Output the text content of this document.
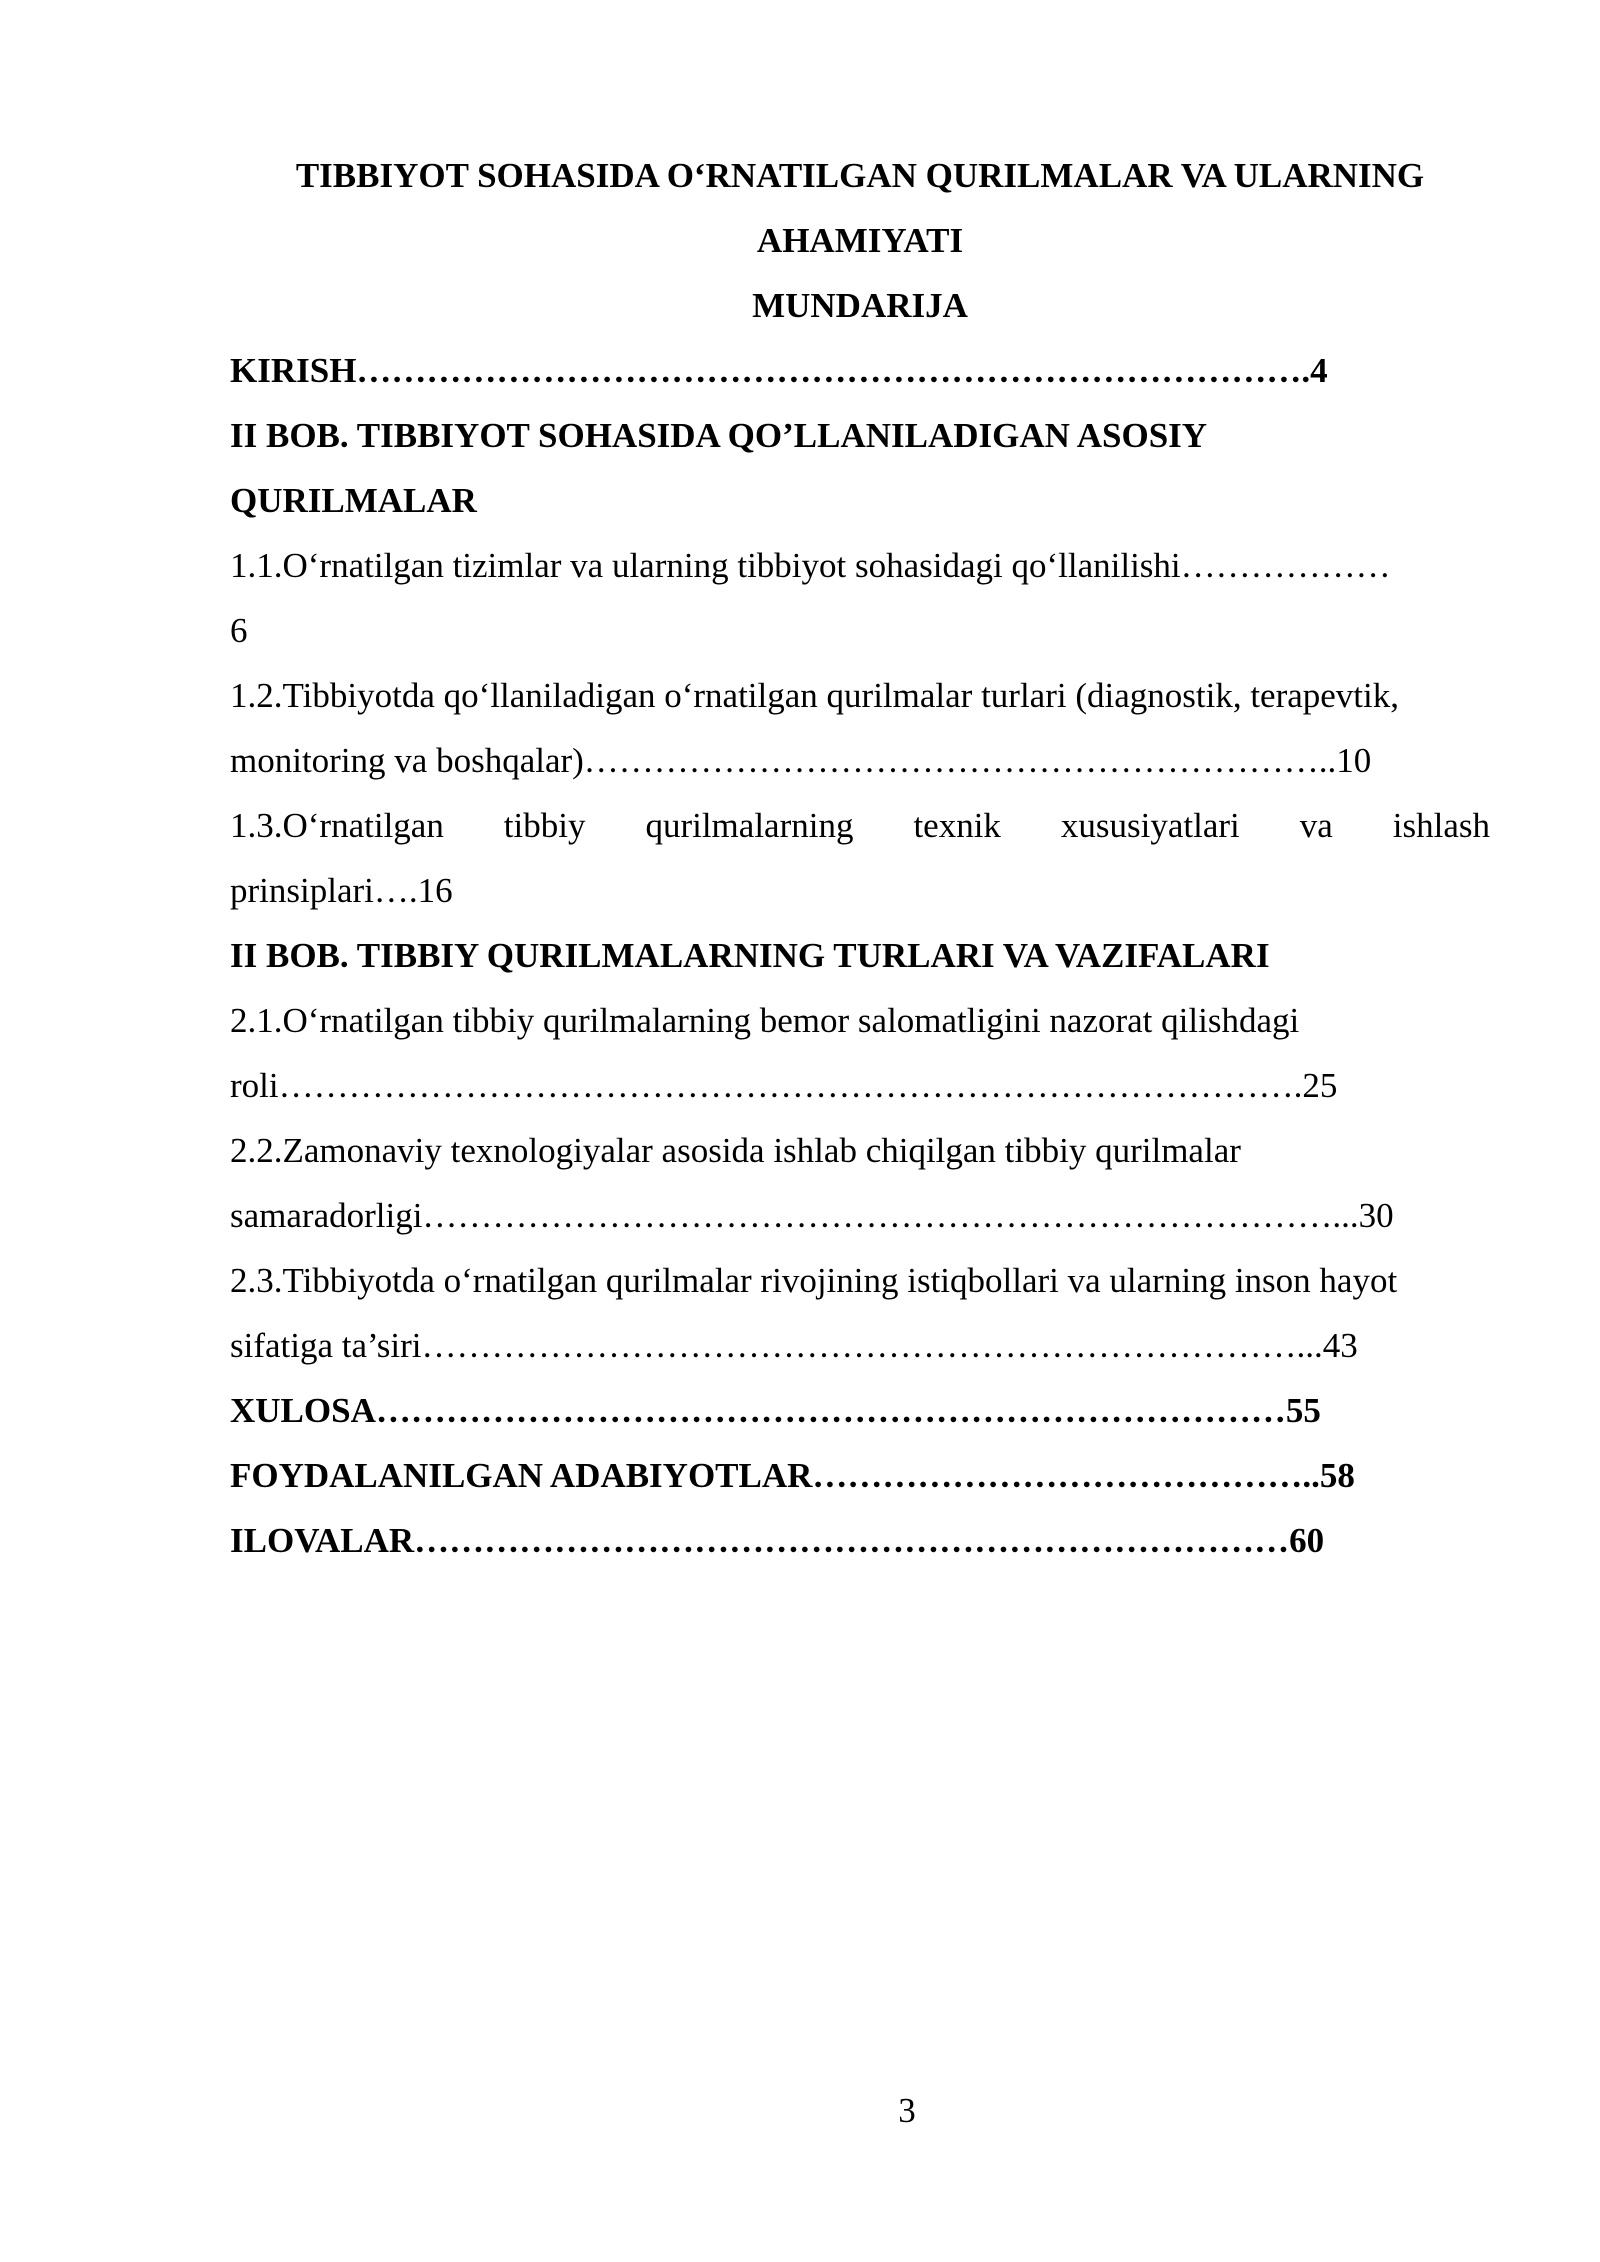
TIBBIYOT SOHASIDA O‘RNATILGAN QURILMALAR VA ULARNING
AHAMIYATI
MUNDARIJA
KIRISH……………………………………………………………………….4
II BOB. TIBBIYOT SOHASIDA QO’LLANILADIGAN ASOSIY
QURILMALAR
1.1.O‘rnatilgan tizimlar va ularning tibbiyot sohasidagi qo‘llanilishi………………
6
1.2.Tibbiyotda qo‘llaniladigan o‘rnatilgan qurilmalar turlari (diagnostik, terapevtik,
monitoring va boshqalar)………………………………………………………..10
1.3.O‘rnatilgan tibbiy qurilmalarning texnik xususiyatlari va ishlash
prinsiplari….16
II BOB. TIBBIY QURILMALARNING TURLARI VA VAZIFALARI
2.1.O‘rnatilgan tibbiy qurilmalarning bemor salomatligini nazorat qilishdagi
roli…………………………………………………………………………….25
2.2.Zamonaviy texnologiyalar asosida ishlab chiqilgan tibbiy qurilmalar
samaradorligi……………………………………………………………………...30
2.3.Tibbiyotda o‘rnatilgan qurilmalar rivojining istiqbollari va ularning inson hayot
sifatiga ta’siri…………………………………………………………………...43
XULOSA……………………………………………………………………55
FOYDALANILGAN ADABIYOTLAR……………………………………..58
ILOVALAR…………………………………………………………………60
3
